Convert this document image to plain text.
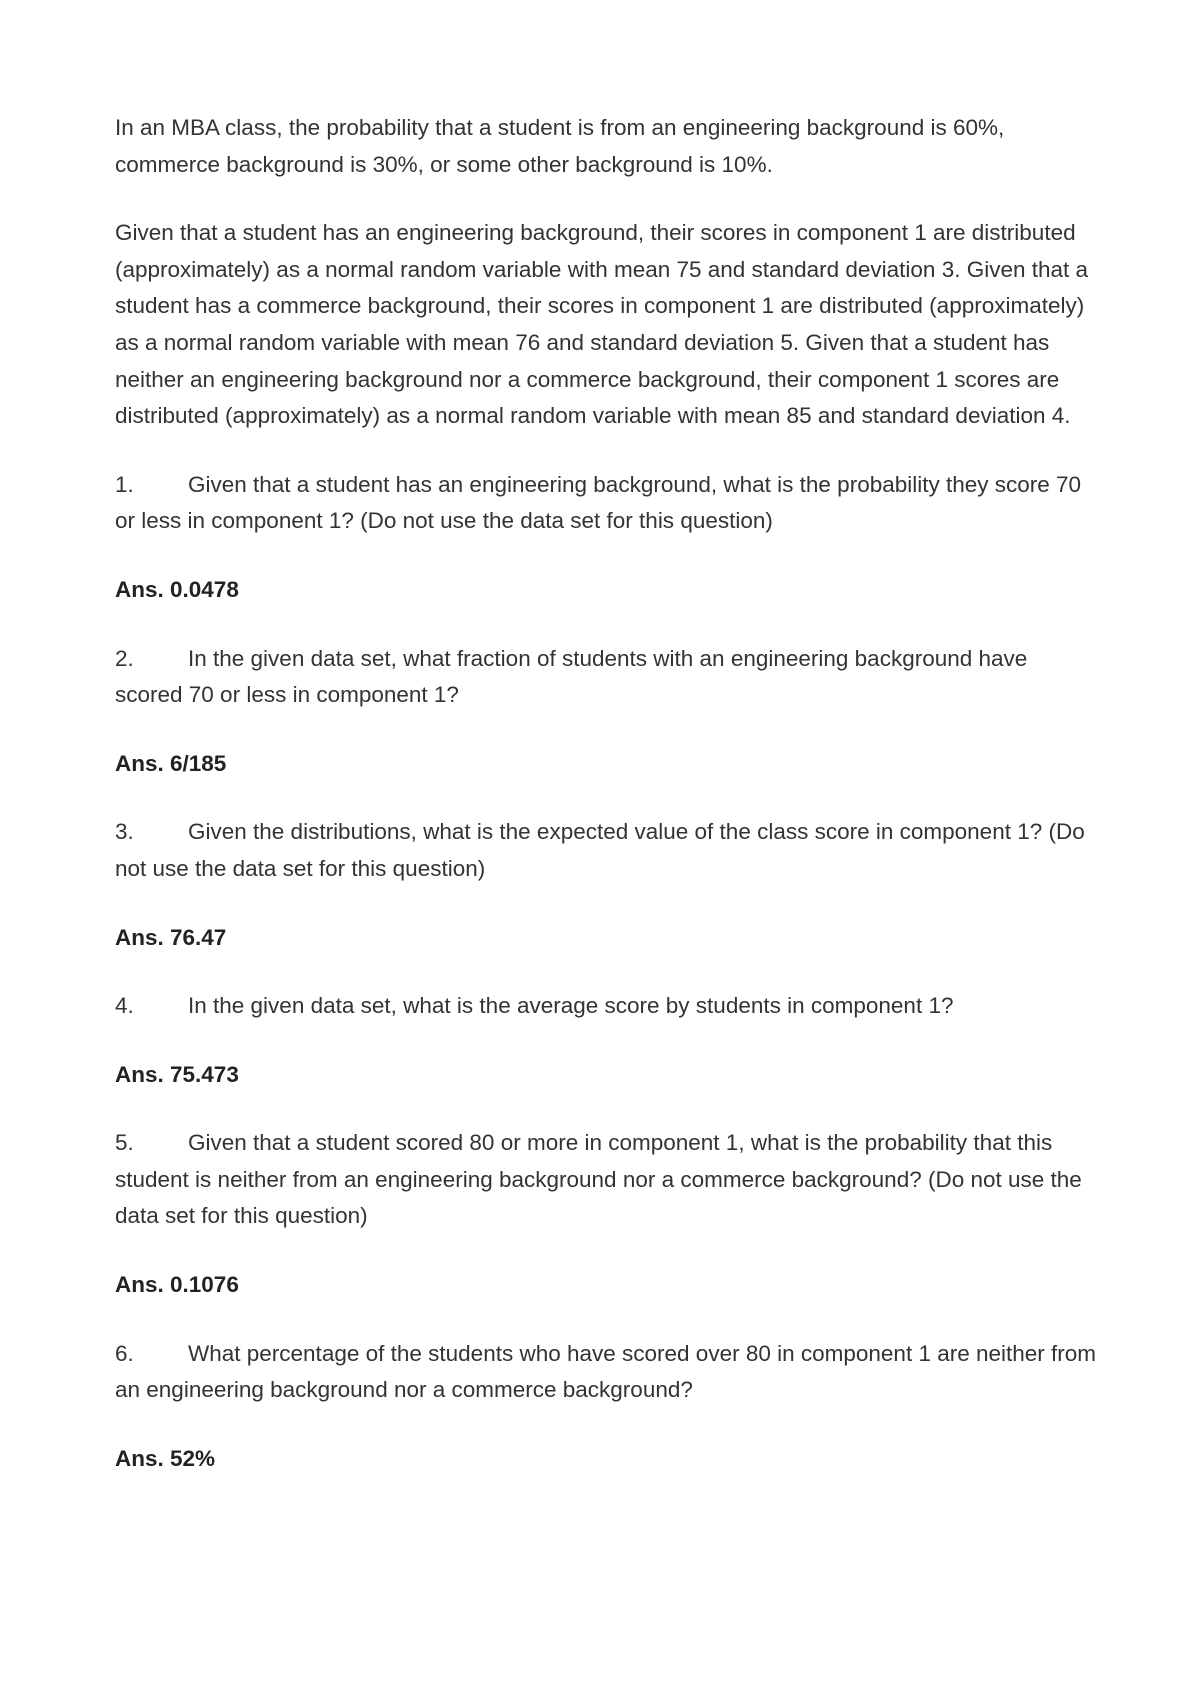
In an MBA class, the probability that a student is from an engineering background is 60%, commerce background is 30%, or some other background is 10%.

Given that a student has an engineering background, their scores in component 1 are distributed (approximately) as a normal random variable with mean 75 and standard deviation 3. Given that a student has a commerce background, their scores in component 1 are distributed (approximately) as a normal random variable with mean 76 and standard deviation 5. Given that a student has neither an engineering background nor a commerce background, their component 1 scores are distributed (approximately) as a normal random variable with mean 85 and standard deviation 4.

1. Given that a student has an engineering background, what is the probability they score 70 or less in component 1? (Do not use the data set for this question)

Ans. 0.0478

2. In the given data set, what fraction of students with an engineering background have scored 70 or less in component 1?

Ans. 6/185

3. Given the distributions, what is the expected value of the class score in component 1? (Do not use the data set for this question)

Ans. 76.47

4. In the given data set, what is the average score by students in component 1?

Ans. 75.473

5. Given that a student scored 80 or more in component 1, what is the probability that this student is neither from an engineering background nor a commerce background? (Do not use the data set for this question)

Ans. 0.1076

6. What percentage of the students who have scored over 80 in component 1 are neither from an engineering background nor a commerce background?

Ans. 52%
